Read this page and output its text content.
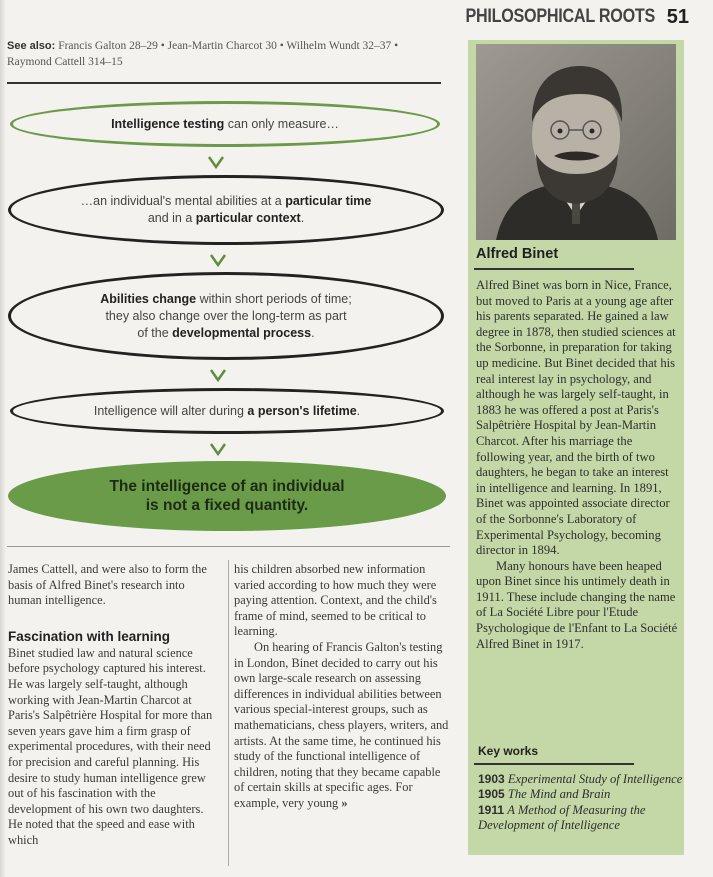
PHILOSOPHICAL ROOTS 51
See also: Francis Galton 28–29 • Jean-Martin Charcot 30 • Wilhelm Wundt 32–37 • Raymond Cattell 314–15
Intelligence testing can only measure…
…an individual's mental abilities at a particular time
and in a particular context.
Abilities change within short periods of time;
they also change over the long-term as part
of the developmental process.
Intelligence will alter during a person's lifetime.
The intelligence of an individual
is not a fixed quantity.

James Cattell, and were also to form the basis of Alfred Binet's research into human intelligence.

Fascination with learning

Binet studied law and natural science before psychology captured his interest. He was largely self-taught, although working with Jean-Martin Charcot at Paris's Salpêtrière Hospital for more than seven years gave him a firm grasp of experimental procedures, with their need for precision and careful planning. His desire to study human intelligence grew out of his fascination with the development of his own two daughters. He noted that the speed and ease with which

his children absorbed new information varied according to how much they were paying attention. Context, and the child's frame of mind, seemed to be critical to learning.

On hearing of Francis Galton's testing in London, Binet decided to carry out his own large-scale research on assessing differences in individual abilities between various special-interest groups, such as mathematicians, chess players, writers, and artists. At the same time, he continued his study of the functional intelligence of children, noting that they became capable of certain skills at specific ages. For example, very young »

Alfred Binet

Alfred Binet was born in Nice, France, but moved to Paris at a young age after his parents separated. He gained a law degree in 1878, then studied sciences at the Sorbonne, in preparation for taking up medicine. But Binet decided that his real interest lay in psychology, and although he was largely self-taught, in 1883 he was offered a post at Paris's Salpêtrière Hospital by Jean-Martin Charcot. After his marriage the following year, and the birth of two daughters, he began to take an interest in intelligence and learning. In 1891, Binet was appointed associate director of the Sorbonne's Laboratory of Experimental Psychology, becoming director in 1894.

Many honours have been heaped upon Binet since his untimely death in 1911. These include changing the name of La Société Libre pour l'Etude Psychologique de l'Enfant to La Société Alfred Binet in 1917.

Key works
1903 Experimental Study of Intelligence
1905 The Mind and Brain
1911 A Method of Measuring the Development of Intelligence
